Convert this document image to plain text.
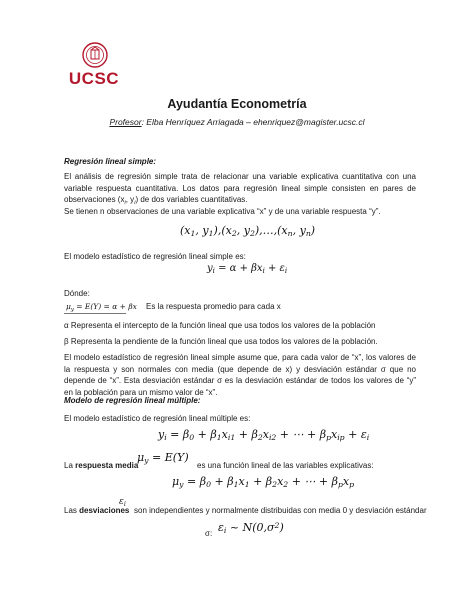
UCSC
Ayudantía Econometría
Profesor: Elba Henríquez Arriagada – ehenriquez@magister.ucsc.cl
Regresión lineal simple:
El análisis de regresión simple trata de relacionar una variable explicativa cuantitativa con una variable respuesta cuantitativa. Los datos para regresión lineal simple consisten en pares de observaciones ($x_i$, $y_i$) de dos variables cuantitativas.
Se tienen n observaciones de una variable explicativa “x” y de una variable respuesta “y”.
($x_1$, $y_1),(x_2$, $y_2),\dots,(x_n$, $y_n$)
El modelo estadístico de regresión lineal simple es:
$y_i = \alpha + \beta x_i + \varepsilon_i$
Dónde:
$\mu_y = E(Y) = \alpha + \beta x$ Es la respuesta promedio para cada x
α Representa el intercepto de la función lineal que usa todos los valores de la población
β Representa la pendiente de la función lineal que usa todos los valores de la población.
El modelo estadístico de regresión lineal simple asume que, para cada valor de “x”, los valores de la respuesta y son normales con media (que depende de x) y desviación estándar σ que no depende de “x”. Esta desviación estándar σ es la desviación estándar de todos los valores de “y” en la población para un mismo valor de “x”.
Modelo de regresión lineal múltiple:
El modelo estadístico de regresión lineal múltiple es:
$y_i = \beta_0 + \beta_1x_{i1} + \beta_2x_{i2}$ + ⋯ + $\beta_px_{ip} + \varepsilon_i$
La respuesta media
$\mu_y = E(Y)$
es una función lineal de las variables explicativas:
$\mu_y = \beta_0 + \beta_1x_1 + \beta_2x_2$ + ⋯ + $\beta_px_p$
Las desviaciones
$\varepsilon_i$
son independientes y normalmente distribuidas con media 0 y desviación estándar
σ: $\varepsilon_i$ ~ $N(0,\sigma^2)$
